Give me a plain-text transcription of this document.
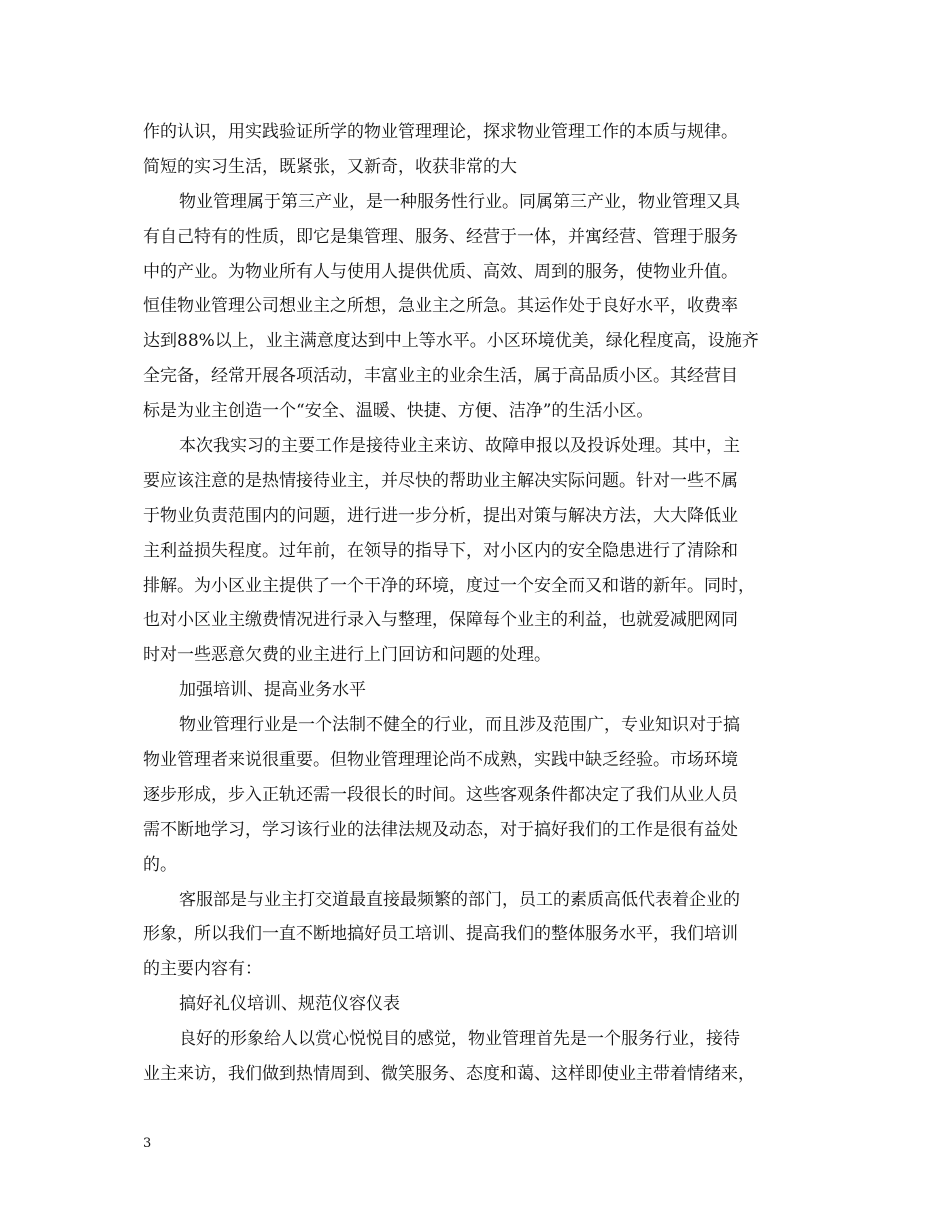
作的认识，用实践验证所学的物业管理理论，探求物业管理工作的本质与规律。
简短的实习生活，既紧张，又新奇，收获非常的大
物业管理属于第三产业，是一种服务性行业。同属第三产业，物业管理又具
有自己特有的性质，即它是集管理、服务、经营于一体，并寓经营、管理于服务
中的产业。为物业所有人与使用人提供优质、高效、周到的服务，使物业升值。
恒佳物业管理公司想业主之所想，急业主之所急。其运作处于良好水平，收费率
达到88%以上，业主满意度达到中上等水平。小区环境优美，绿化程度高，设施齐
全完备，经常开展各项活动，丰富业主的业余生活，属于高品质小区。其经营目
标是为业主创造一个“安全、温暖、快捷、方便、洁净”的生活小区。
本次我实习的主要工作是接待业主来访、故障申报以及投诉处理。其中，主
要应该注意的是热情接待业主，并尽快的帮助业主解决实际问题。针对一些不属
于物业负责范围内的问题，进行进一步分析，提出对策与解决方法，大大降低业
主利益损失程度。过年前，在领导的指导下，对小区内的安全隐患进行了清除和
排解。为小区业主提供了一个干净的环境，度过一个安全而又和谐的新年。同时，
也对小区业主缴费情况进行录入与整理，保障每个业主的利益，也就爱减肥网同
时对一些恶意欠费的业主进行上门回访和问题的处理。
加强培训、提高业务水平
物业管理行业是一个法制不健全的行业，而且涉及范围广，专业知识对于搞
物业管理者来说很重要。但物业管理理论尚不成熟，实践中缺乏经验。市场环境
逐步形成，步入正轨还需一段很长的时间。这些客观条件都决定了我们从业人员
需不断地学习，学习该行业的法律法规及动态，对于搞好我们的工作是很有益处
的。
客服部是与业主打交道最直接最频繁的部门，员工的素质高低代表着企业的
形象，所以我们一直不断地搞好员工培训、提高我们的整体服务水平，我们培训
的主要内容有：
搞好礼仪培训、规范仪容仪表
良好的形象给人以赏心悦悦目的感觉，物业管理首先是一个服务行业，接待
业主来访，我们做到热情周到、微笑服务、态度和蔼、这样即使业主带着情绪来，
3
